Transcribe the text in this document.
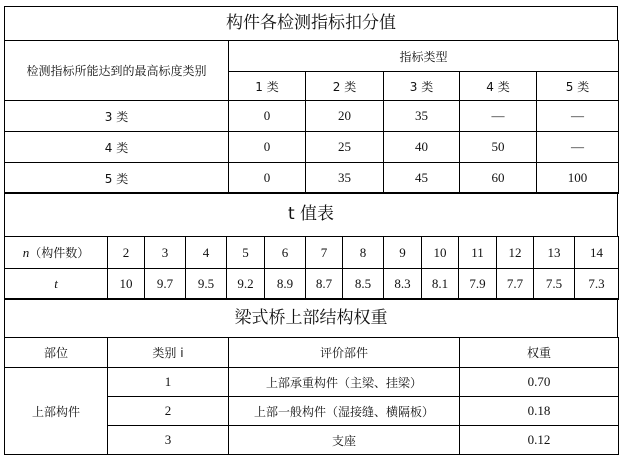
构件各检测指标扣分值
检测指标所能达到的最高标度类别	指标类型				
	1 类	2 类	3 类	4 类	5 类
3 类	0	20	35	—	—
4 类	0	25	40	50	—
5 类	0	35	45	60	100
t 值表
n（构件数）	2	3	4	5	6	7	8	9	10	11	12	13	14
t	10	9.7	9.5	9.2	8.9	8.7	8.5	8.3	8.1	7.9	7.7	7.5	7.3
梁式桥上部结构权重
部位	类别 i	评价部件	权重
上部构件	1	上部承重构件（主梁、挂梁）	0.70
	2	上部一般构件（湿接缝、横隔板）	0.18
	3	支座	0.12
